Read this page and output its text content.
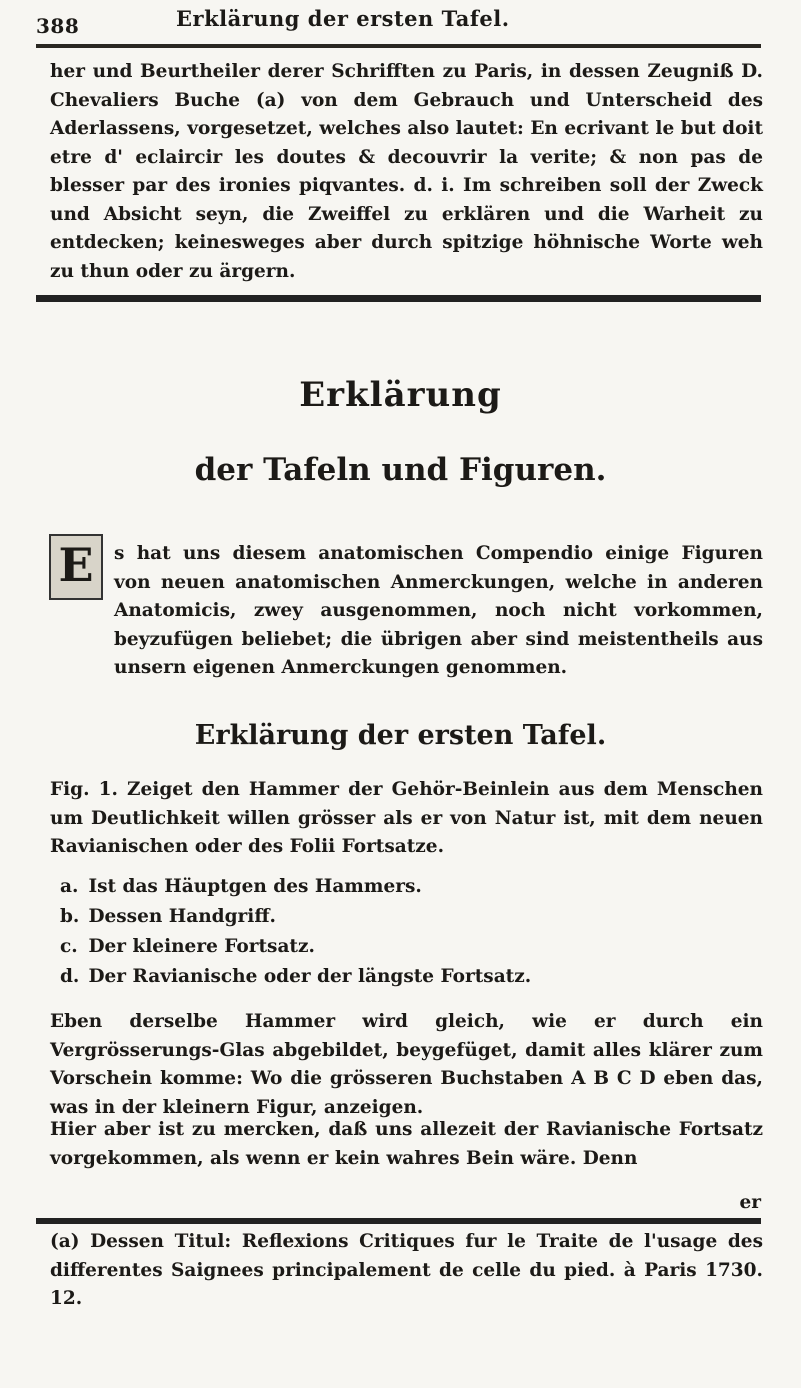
388	Erklärung der ersten Tafel.
her und Beurtheiler derer Schrifften zu Paris, in dessen Zeugniß D. Chevaliers Buche (a) von dem Gebrauch und Unterscheid des Aderlassens, vorgesetzet, welches also lautet: En ecrivant le but doit etre d' eclaircir les doutes & decouvrir la verite; & non pas de blesser par des ironies piqvantes. d. i. Im schreiben soll der Zweck und Absicht seyn, die Zweiffel zu erklären und die Warheit zu entdecken; keinesweges aber durch spitzige höhnische Worte weh zu thun oder zu ärgern.
Erklärung
der Tafeln und Figuren.
E	s hat uns diesem anatomischen Compendio einige Figuren von neuen anatomischen Anmerckungen, welche in anderen Anatomicis, zwey ausgenommen, noch nicht vorkommen, beyzufügen beliebet; die übrigen aber sind meistentheils aus unsern eigenen Anmerckungen genommen.
Erklärung der ersten Tafel.
Fig. 1. Zeiget den Hammer der Gehör-Beinlein aus dem Menschen um Deutlichkeit willen grösser als er von Natur ist, mit dem neuen Ravianischen oder des Folii Fortsatze.
a. Ist das Häuptgen des Hammers.
b. Dessen Handgriff.
c. Der kleinere Fortsatz.
d. Der Ravianische oder der längste Fortsatz.
Eben derselbe Hammer wird gleich, wie er durch ein Vergrösserungs-Glas abgebildet, beygefüget, damit alles klärer zum Vorschein komme: Wo die grösseren Buchstaben A B C D eben das, was in der kleinern Figur, anzeigen.
Hier aber ist zu mercken, daß uns allezeit der Ravianische Fortsatz vorgekommen, als wenn er kein wahres Bein wäre. Denn
er
(a) Dessen Titul: Reflexions Critiques fur le Traite de l'usage des differentes Saignees principalement de celle du pied. à Paris 1730. 12.
